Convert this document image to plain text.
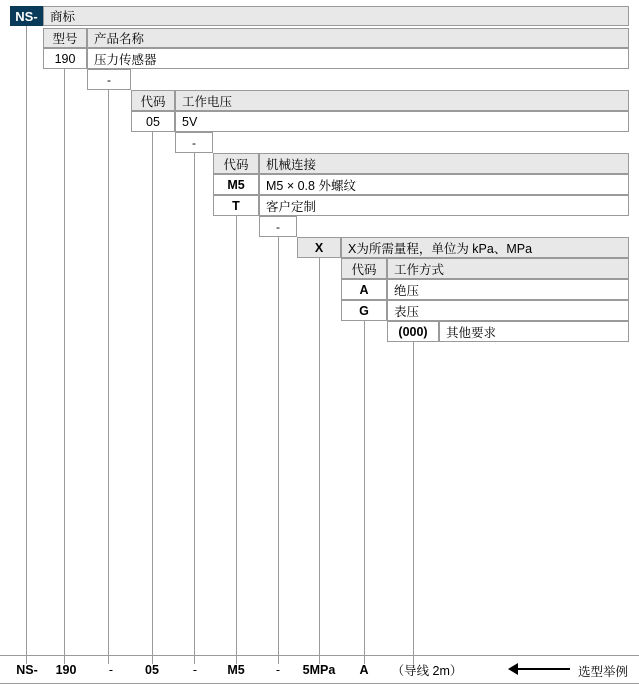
NS- 商标
型号	产品名称
190	压力传感器
-
代码	工作电压
05	5V
-
代码	机械连接
M5	M5 × 0.8 外螺纹
T	客户定制
-
X	X为所需量程，单位为 kPa、MPa
代码	工作方式
A	绝压
G	表压
(000)	其他要求
NS-	190	-	05	-	M5	-	5MPa	A	（导线 2m）	选型举例
